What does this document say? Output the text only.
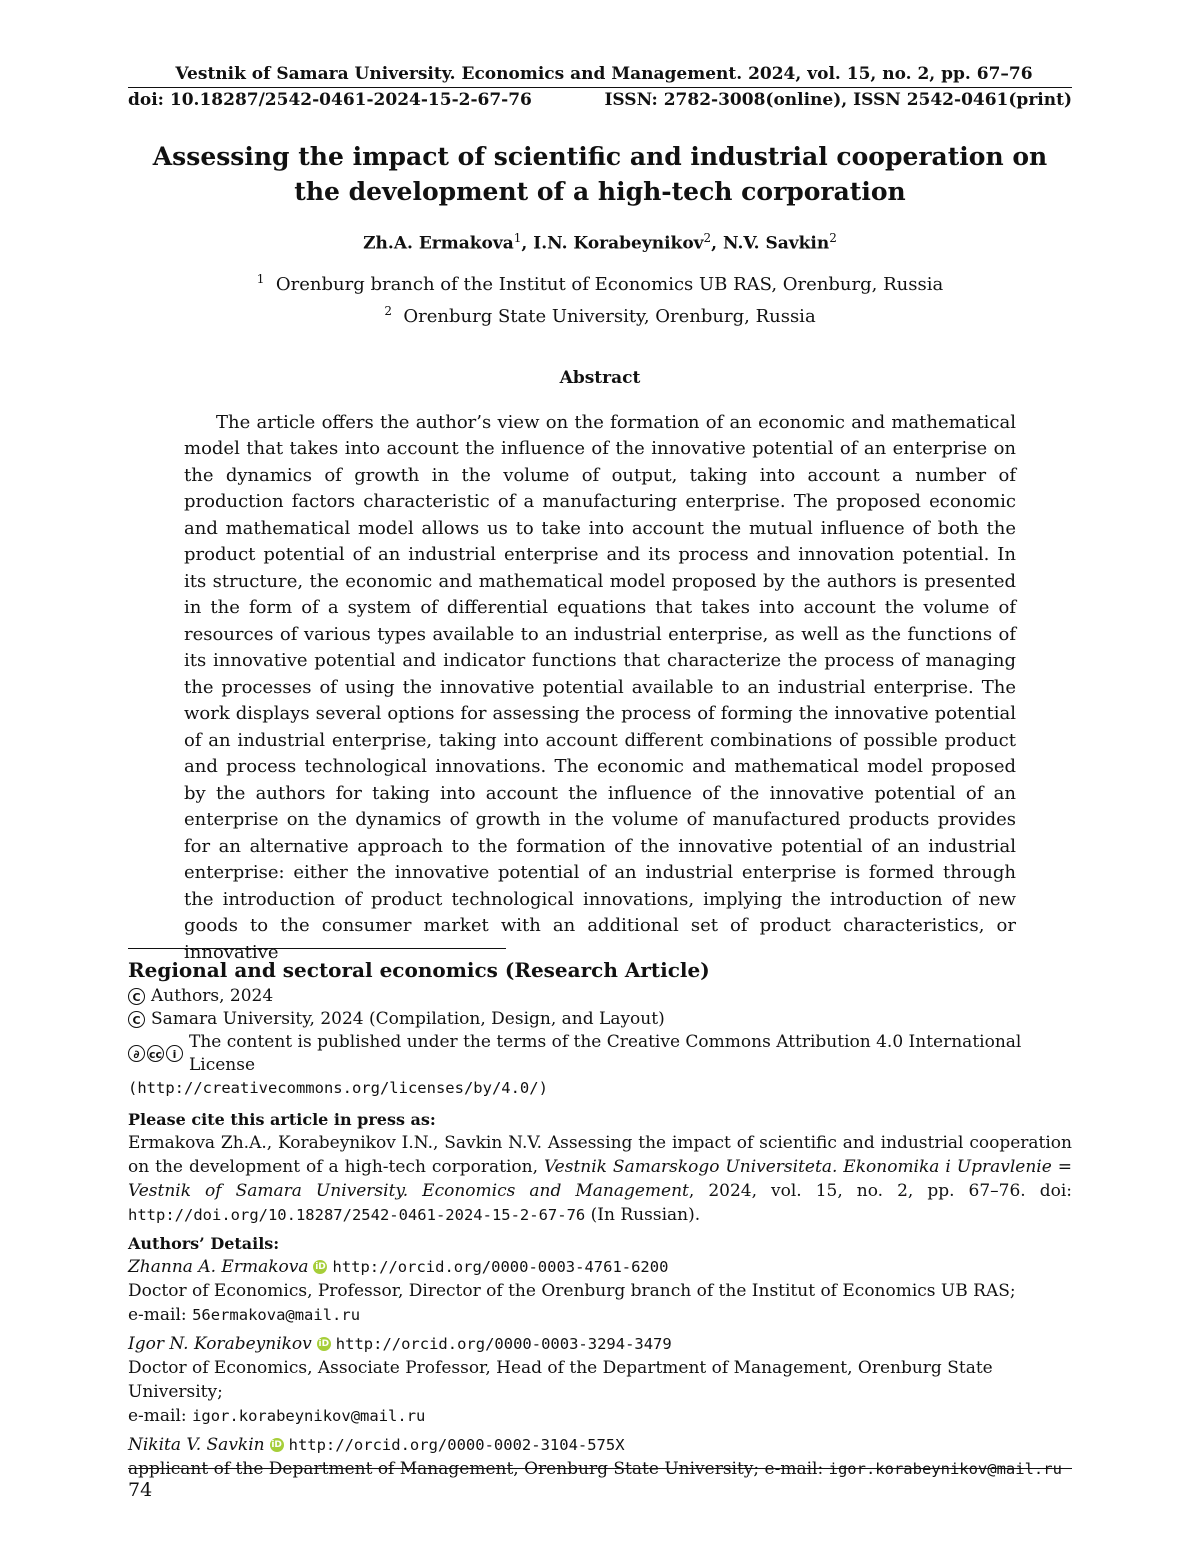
Vestnik of Samara University. Economics and Management. 2024, vol. 15, no. 2, pp. 67–76
doi: 10.18287/2542-0461-2024-15-2-67-76	ISSN: 2782-3008(online), ISSN 2542-0461(print)
Assessing the impact of scientific and industrial cooperation on the development of a high-tech corporation
Zh.A. Ermakova$^1$, I.N. Korabeynikov$^2$, N.V. Savkin$^2$
$^1$ Orenburg branch of the Institut of Economics UB RAS, Orenburg, Russia
$^2$ Orenburg State University, Orenburg, Russia
Abstract
The article offers the author’s view on the formation of an economic and mathematical model that takes into account the influence of the innovative potential of an enterprise on the dynamics of growth in the volume of output, taking into account a number of production factors characteristic of a manufacturing enterprise. The proposed economic and mathematical model allows us to take into account the mutual influence of both the product potential of an industrial enterprise and its process and innovation potential. In its structure, the economic and mathematical model proposed by the authors is presented in the form of a system of differential equations that takes into account the volume of resources of various types available to an industrial enterprise, as well as the functions of its innovative potential and indicator functions that characterize the process of managing the processes of using the innovative potential available to an industrial enterprise. The work displays several options for assessing the process of forming the innovative potential of an industrial enterprise, taking into account different combinations of possible product and process technological innovations. The economic and mathematical model proposed by the authors for taking into account the influence of the innovative potential of an enterprise on the dynamics of growth in the volume of manufactured products provides for an alternative approach to the formation of the innovative potential of an industrial enterprise: either the innovative potential of an industrial enterprise is formed through the introduction of product technological innovations, implying the introduction of new goods to the consumer market with an additional set of product characteristics, or innovative
Regional and sectoral economics (Research Article)
C Authors, 2024
C Samara University, 2024 (Compilation, Design, and Layout)
∂ cc i
The content is published under the terms of the Creative Commons Attribution 4.0 International License
(http://creativecommons.org/licenses/by/4.0/)
Please cite this article in press as:
Ermakova Zh.A., Korabeynikov I.N., Savkin N.V. Assessing the impact of scientific and industrial cooperation on the development of a high-tech corporation, Vestnik Samarskogo Universiteta. Ekonomika i Upravlenie = Vestnik of Samara University. Economics and Management, 2024, vol. 15, no. 2, pp. 67–76. doi: http://doi.org/10.18287/2542-0461-2024-15-2-67-76 (In Russian).
Authors’ Details:
Zhanna A. Ermakova iD http://orcid.org/0000-0003-4761-6200
Doctor of Economics, Professor, Director of the Orenburg branch of the Institut of Economics UB RAS;
e-mail: 56ermakova@mail.ru
Igor N. Korabeynikov iD http://orcid.org/0000-0003-3294-3479
Doctor of Economics, Associate Professor, Head of the Department of Management, Orenburg State University;
e-mail: igor.korabeynikov@mail.ru
Nikita V. Savkin iD http://orcid.org/0000-0002-3104-575X
applicant of the Department of Management, Orenburg State University; e-mail: igor.korabeynikov@mail.ru
74
